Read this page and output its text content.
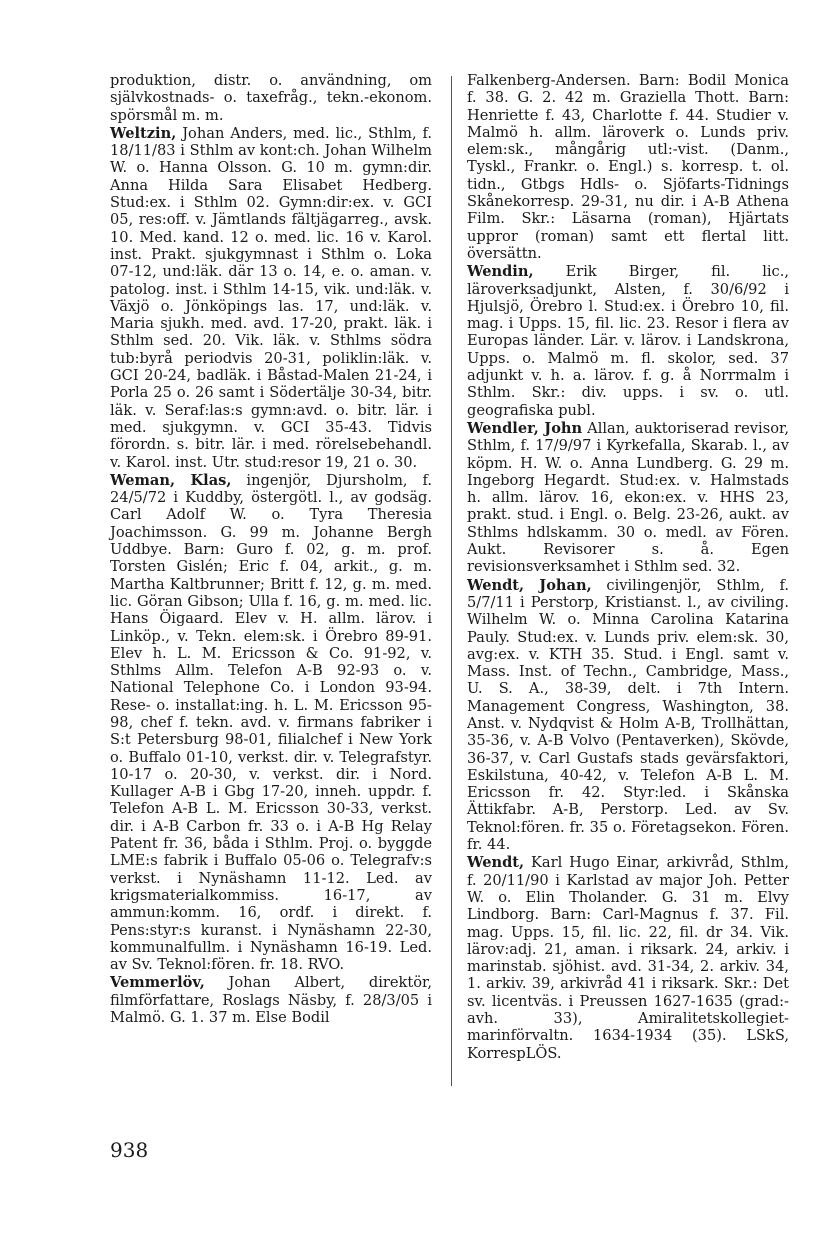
produktion, distr. o. användning, om självkostnads- o. taxefråg., tekn.-ekonom. spörsmål m. m.

Weltzin, Johan Anders, med. lic., Sthlm, f. 18/11/83 i Sthlm av kont:ch. Johan Wilhelm W. o. Hanna Olsson. G. 10 m. gymn:dir. Anna Hilda Sara Elisabet Hedberg. Stud:ex. i Sthlm 02. Gymn:dir:ex. v. GCI 05, res:off. v. Jämtlands fältjägarreg., avsk. 10. Med. kand. 12 o. med. lic. 16 v. Karol. inst. Prakt. sjukgymnast i Sthlm o. Loka 07-12, und:läk. där 13 o. 14, e. o. aman. v. patolog. inst. i Sthlm 14-15, vik. und:läk. v. Växjö o. Jönköpings las. 17, und:läk. v. Maria sjukh. med. avd. 17-20, prakt. läk. i Sthlm sed. 20. Vik. läk. v. Sthlms södra tub:byrå periodvis 20-31, poliklin:läk. v. GCI 20-24, badläk. i Båstad-Malen 21-24, i Porla 25 o. 26 samt i Södertälje 30-34, bitr. läk. v. Seraf:las:s gymn:avd. o. bitr. lär. i med. sjukgymn. v. GCI 35-43. Tidvis förordn. s. bitr. lär. i med. rörelsebehandl. v. Karol. inst. Utr. stud:resor 19, 21 o. 30.

Weman, Klas, ingenjör, Djursholm, f. 24/5/72 i Kuddby, östergötl. l., av godsäg. Carl Adolf W. o. Tyra Theresia Joachimsson. G. 99 m. Johanne Bergh Uddbye. Barn: Guro f. 02, g. m. prof. Torsten Gislén; Eric f. 04, arkit., g. m. Martha Kaltbrunner; Britt f. 12, g. m. med. lic. Göran Gibson; Ulla f. 16, g. m. med. lic. Hans Öigaard. Elev v. H. allm. lärov. i Linköp., v. Tekn. elem:sk. i Örebro 89-91. Elev h. L. M. Ericsson & Co. 91-92, v. Sthlms Allm. Telefon A-B 92-93 o. v. National Telephone Co. i London 93-94. Rese- o. installat:ing. h. L. M. Ericsson 95-98, chef f. tekn. avd. v. firmans fabriker i S:t Petersburg 98-01, filialchef i New York o. Buffalo 01-10, verkst. dir. v. Telegrafstyr. 10-17 o. 20-30, v. verkst. dir. i Nord. Kullager A-B i Gbg 17-20, inneh. uppdr. f. Telefon A-B L. M. Ericsson 30-33, verkst. dir. i A-B Carbon fr. 33 o. i A-B Hg Relay Patent fr. 36, båda i Sthlm. Proj. o. byggde LME:s fabrik i Buffalo 05-06 o. Telegrafv:s verkst. i Nynäshamn 11-12. Led. av krigsmaterialkommiss. 16-17, av ammun:komm. 16, ordf. i direkt. f. Pens:styr:s kuranst. i Nynäshamn 22-30, kommunalfullm. i Nynäshamn 16-19. Led. av Sv. Teknol:fören. fr. 18. RVO.

Vemmerlöv, Johan Albert, direktör, filmförfattare, Roslags Näsby, f. 28/3/05 i Malmö. G. 1. 37 m. Else Bodil

Falkenberg-Andersen. Barn: Bodil Monica f. 38. G. 2. 42 m. Graziella Thott. Barn: Henriette f. 43, Charlotte f. 44. Studier v. Malmö h. allm. läroverk o. Lunds priv. elem:sk., mångårig utl:-vist. (Danm., Tyskl., Frankr. o. Engl.) s. korresp. t. ol. tidn., Gtbgs Hdls- o. Sjöfarts-Tidnings Skånekorresp. 29-31, nu dir. i A-B Athena Film. Skr.: Läsarna (roman), Hjärtats uppror (roman) samt ett flertal litt. översättn.

Wendin, Erik Birger, fil. lic., läroverksadjunkt, Alsten, f. 30/6/92 i Hjulsjö, Örebro l. Stud:ex. i Örebro 10, fil. mag. i Upps. 15, fil. lic. 23. Resor i flera av Europas länder. Lär. v. lärov. i Landskrona, Upps. o. Malmö m. fl. skolor, sed. 37 adjunkt v. h. a. lärov. f. g. å Norrmalm i Sthlm. Skr.: div. upps. i sv. o. utl. geografiska publ.

Wendler, John Allan, auktoriserad revisor, Sthlm, f. 17/9/97 i Kyrkefalla, Skarab. l., av köpm. H. W. o. Anna Lundberg. G. 29 m. Ingeborg Hegardt. Stud:ex. v. Halmstads h. allm. lärov. 16, ekon:ex. v. HHS 23, prakt. stud. i Engl. o. Belg. 23-26, aukt. av Sthlms hdlskamm. 30 o. medl. av Fören. Aukt. Revisorer s. å. Egen revisionsverksamhet i Sthlm sed. 32.

Wendt, Johan, civilingenjör, Sthlm, f. 5/7/11 i Perstorp, Kristianst. l., av civiling. Wilhelm W. o. Minna Carolina Katarina Pauly. Stud:ex. v. Lunds priv. elem:sk. 30, avg:ex. v. KTH 35. Stud. i Engl. samt v. Mass. Inst. of Techn., Cambridge, Mass., U. S. A., 38-39, delt. i 7th Intern. Management Congress, Washington, 38. Anst. v. Nydqvist & Holm A-B, Trollhättan, 35-36, v. A-B Volvo (Pentaverken), Skövde, 36-37, v. Carl Gustafs stads gevärsfaktori, Eskilstuna, 40-42, v. Telefon A-B L. M. Ericsson fr. 42. Styr:led. i Skånska Ättikfabr. A-B, Perstorp. Led. av Sv. Teknol:fören. fr. 35 o. Företagsekon. Fören. fr. 44.

Wendt, Karl Hugo Einar, arkivråd, Sthlm, f. 20/11/90 i Karlstad av major Joh. Petter W. o. Elin Tholander. G. 31 m. Elvy Lindborg. Barn: Carl-Magnus f. 37. Fil. mag. Upps. 15, fil. lic. 22, fil. dr 34. Vik. lärov:adj. 21, aman. i riksark. 24, arkiv. i marinstab. sjöhist. avd. 31-34, 2. arkiv. 34, 1. arkiv. 39, arkivråd 41 i riksark. Skr.: Det sv. licentväs. i Preussen 1627-1635 (grad:-avh. 33), Amiralitetskollegiet-marinförvaltn. 1634-1934 (35). LSkS, KorrespLÖS.

938
